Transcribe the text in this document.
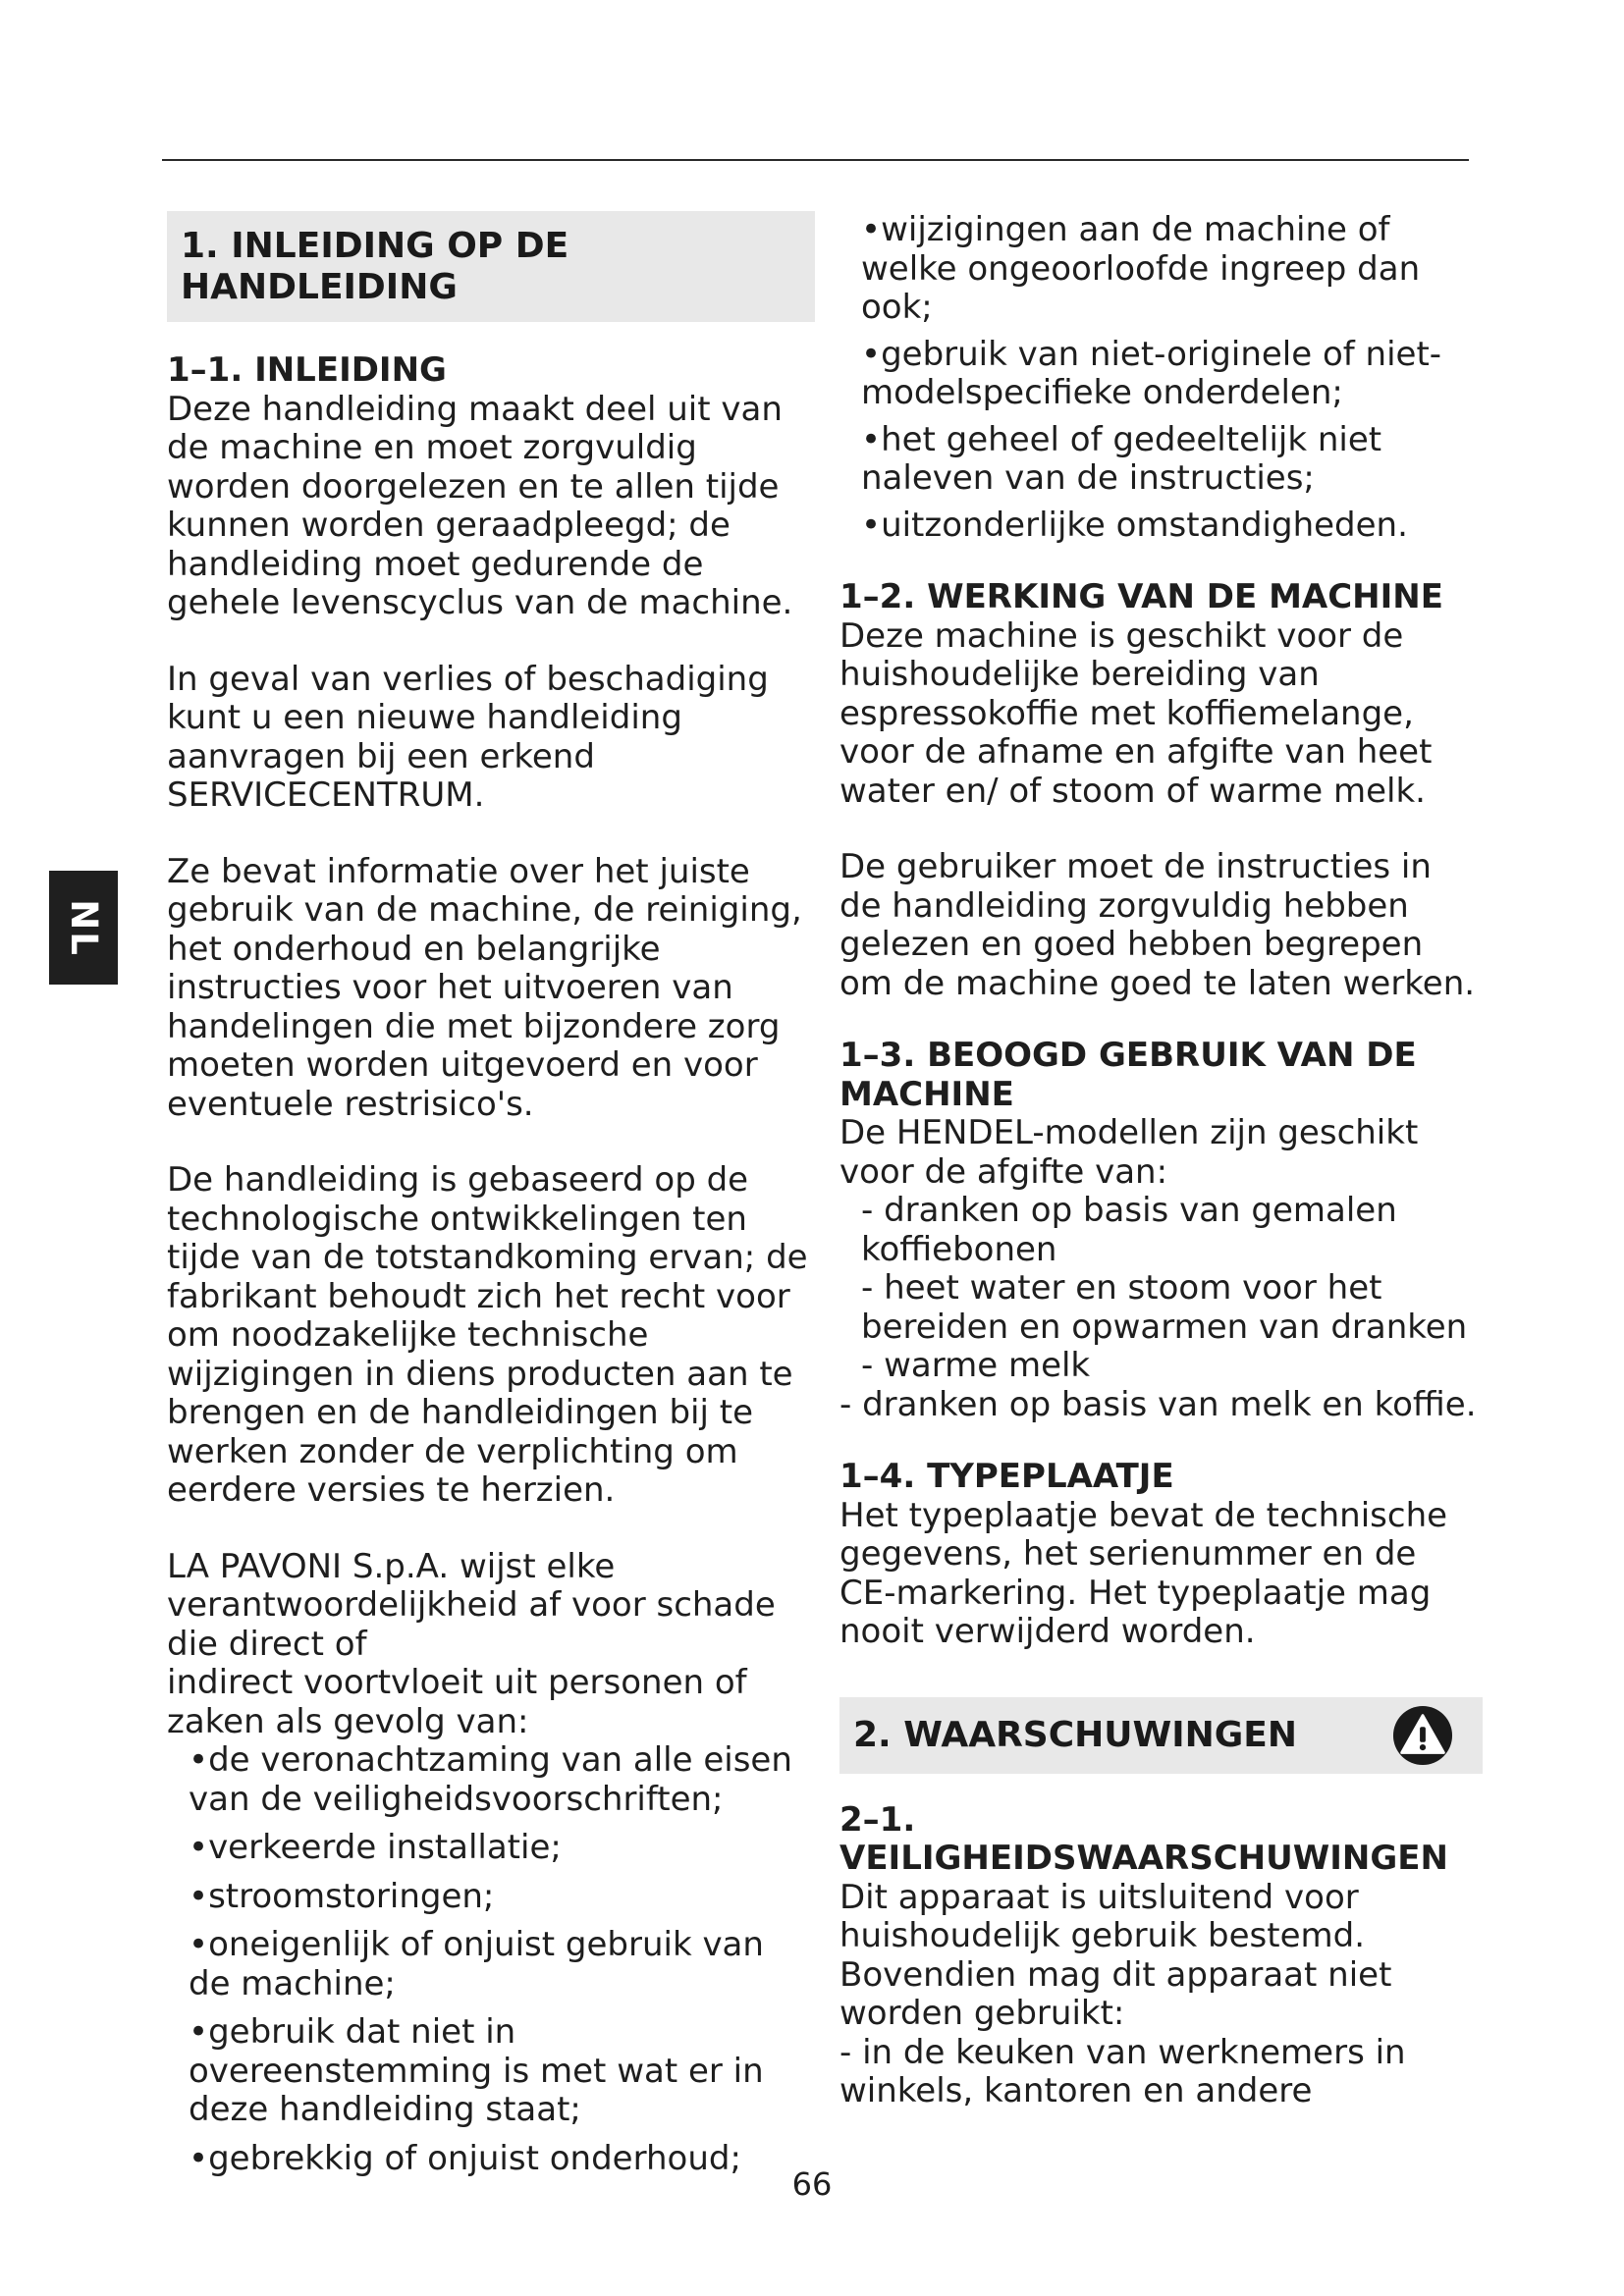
NL
1. INLEIDING OP DE HANDLEIDING
1–1. INLEIDING

Deze handleiding maakt deel uit van de machine en moet zorgvuldig worden doorgelezen en te allen tijde kunnen worden geraadpleegd; de handleiding moet gedurende de gehele levenscyclus van de machine.

In geval van verlies of beschadiging kunt u een nieuwe handleiding aanvragen bij een erkend SERVICECENTRUM.

Ze bevat informatie over het juiste gebruik van de machine, de reiniging, het onderhoud en belangrijke instructies voor het uitvoeren van handelingen die met bijzondere zorg moeten worden uitgevoerd en voor eventuele restrisico's.

De handleiding is gebaseerd op de technologische ontwikkelingen ten tijde van de totstandkoming ervan; de fabrikant behoudt zich het recht voor om noodzakelijke technische wijzigingen in diens producten aan te brengen en de handleidingen bij te werken zonder de verplichting om eerdere versies te herzien.

LA PAVONI S.p.A. wijst elke verantwoordelijkheid af voor schade die direct of

indirect voortvloeit uit personen of zaken als gevolg van:

• de veronachtzaming van alle eisen van de veiligheidsvoorschriften;

• verkeerde installatie;

• stroomstoringen;

• oneigenlijk of onjuist gebruik van de machine;

• gebruik dat niet in overeenstemming is met wat er in deze handleiding staat;

• gebrekkig of onjuist onderhoud;

• wijzigingen aan de machine of welke ongeoorloofde ingreep dan ook;

• gebruik van niet-originele of niet-modelspecifieke onderdelen;

• het geheel of gedeeltelijk niet naleven van de instructies;

• uitzonderlijke omstandigheden.

1–2. WERKING VAN DE MACHINE

Deze machine is geschikt voor de huishoudelijke bereiding van espressokoffie met koffiemelange, voor de afname en afgifte van heet water en/ of stoom of warme melk.

De gebruiker moet de instructies in de handleiding zorgvuldig hebben gelezen en goed hebben begrepen om de machine goed te laten werken.

1–3. BEOOGD GEBRUIK VAN DE MACHINE

De HENDEL-modellen zijn geschikt voor de afgifte van:

- dranken op basis van gemalen koffiebonen

- heet water en stoom voor het bereiden en opwarmen van dranken

- warme melk

- dranken op basis van melk en koffie.

1–4. TYPEPLAATJE

Het typeplaatje bevat de technische gegevens, het serienummer en de CE-markering. Het typeplaatje mag nooit verwijderd worden.

2. WAARSCHUWINGEN
2–1. VEILIGHEIDSWAARSCHUWINGEN

Dit apparaat is uitsluitend voor huishoudelijk gebruik bestemd. Bovendien mag dit apparaat niet worden gebruikt:

- in de keuken van werknemers in winkels, kantoren en andere

66
